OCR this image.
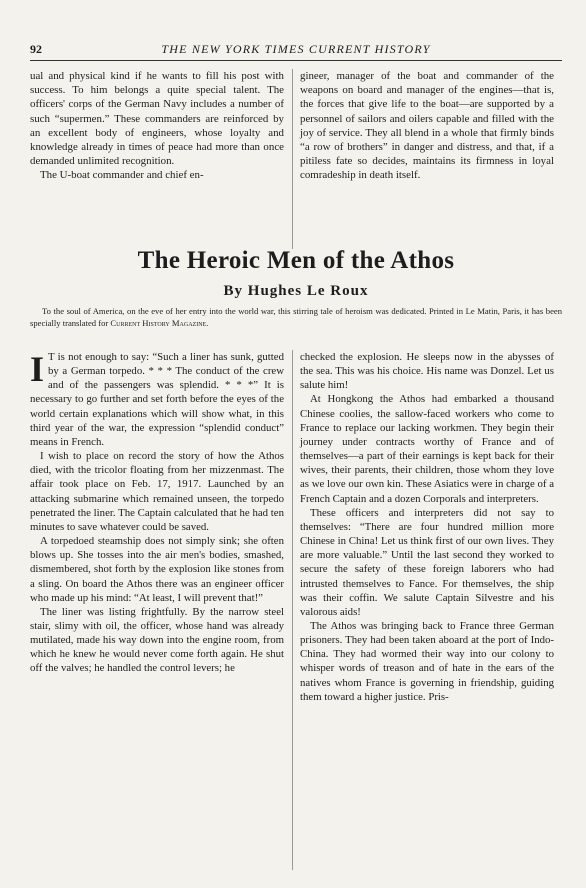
92	THE NEW YORK TIMES CURRENT HISTORY

ual and physical kind if he wants to fill his post with success. To him belongs a quite special talent. The officers' corps of the German Navy includes a number of such “supermen.” These commanders are reinforced by an excellent body of engineers, whose loyalty and knowledge already in times of peace had more than once demanded unlimited recognition.

The U-boat commander and chief en-

gineer, manager of the boat and commander of the weapons on board and manager of the engines—that is, the forces that give life to the boat—are supported by a personnel of sailors and oilers capable and filled with the joy of service. They all blend in a whole that firmly binds “a row of brothers” in danger and distress, and that, if a pitiless fate so decides, maintains its firmness in loyal comradeship in death itself.

The Heroic Men of the Athos
By Hughes Le Roux
To the soul of America, on the eve of her entry into the world war, this stirring tale of heroism was dedicated. Printed in Le Matin, Paris, it has been specially translated for Current History Magazine.

I T is not enough to say: “Such a liner has sunk, gutted by a German torpedo. * * * The conduct of the crew and of the passengers was splendid. * * *” It is necessary to go further and set forth before the eyes of the world certain explanations which will show what, in this third year of the war, the expression “splendid conduct” means in French.

I wish to place on record the story of how the Athos died, with the tricolor floating from her mizzenmast. The affair took place on Feb. 17, 1917. Launched by an attacking submarine which remained unseen, the torpedo penetrated the liner. The Captain calculated that he had ten minutes to save whatever could be saved.

A torpedoed steamship does not simply sink; she often blows up. She tosses into the air men's bodies, smashed, dismembered, shot forth by the explosion like stones from a sling. On board the Athos there was an engineer officer who made up his mind: “At least, I will prevent that!”

The liner was listing frightfully. By the narrow steel stair, slimy with oil, the officer, whose hand was already mutilated, made his way down into the engine room, from which he knew he would never come forth again. He shut off the valves; he handled the control levers; he

checked the explosion. He sleeps now in the abysses of the sea. This was his choice. His name was Donzel. Let us salute him!

At Hongkong the Athos had embarked a thousand Chinese coolies, the sallow-faced workers who come to France to replace our lacking workmen. They begin their journey under contracts worthy of France and of themselves—a part of their earnings is kept back for their wives, their parents, their children, those whom they love as we love our own kin. These Asiatics were in charge of a French Captain and a dozen Corporals and interpreters.

These officers and interpreters did not say to themselves: “There are four hundred million more Chinese in China! Let us think first of our own lives. They are more valuable.” Until the last second they worked to secure the safety of these foreign laborers who had intrusted themselves to Fance. For themselves, the ship was their coffin. We salute Captain Silvestre and his valorous aids!

The Athos was bringing back to France three German prisoners. They had been taken aboard at the port of Indo-China. They had wormed their way into our colony to whisper words of treason and of hate in the ears of the natives whom France is governing in friendship, guiding them toward a higher justice. Pris-
